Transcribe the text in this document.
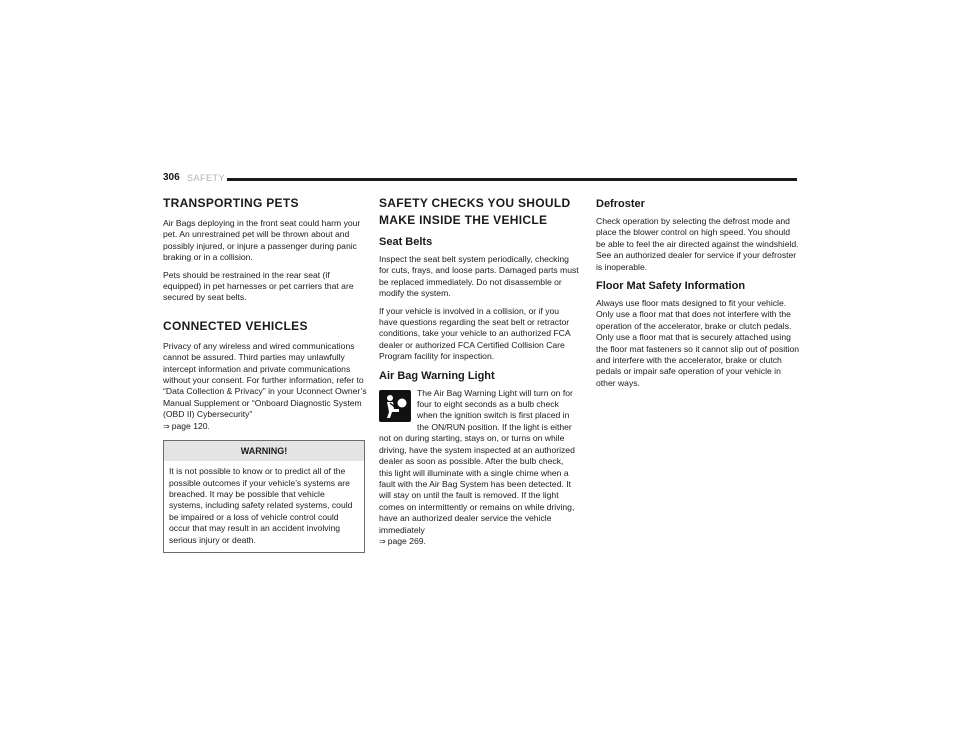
306 SAFETY
TRANSPORTING PETS

Air Bags deploying in the front seat could harm your pet. An unrestrained pet will be thrown about and possibly injured, or injure a passenger during panic braking or in a collision.

Pets should be restrained in the rear seat (if equipped) in pet harnesses or pet carriers that are secured by seat belts.

CONNECTED VEHICLES

Privacy of any wireless and wired communications cannot be assured. Third parties may unlawfully intercept information and private communications without your consent. For further information, refer to “Data Collection & Privacy” in your Uconnect Owner’s Manual Supplement or “Onboard Diagnostic System (OBD II) Cybersecurity”
⇒ page 120.

WARNING!
It is not possible to know or to predict all of the possible outcomes if your vehicle’s systems are breached. It may be possible that vehicle systems, including safety related systems, could be impaired or a loss of vehicle control could occur that may result in an accident involving serious injury or death.
SAFETY CHECKS YOU SHOULD MAKE INSIDE THE VEHICLE
Seat Belts

Inspect the seat belt system periodically, checking for cuts, frays, and loose parts. Damaged parts must be replaced immediately. Do not disassemble or modify the system.

If your vehicle is involved in a collision, or if you have questions regarding the seat belt or retractor conditions, take your vehicle to an authorized FCA dealer or authorized FCA Certified Collision Care Program facility for inspection.

Air Bag Warning Light

The Air Bag Warning Light will turn on for four to eight seconds as a bulb check when the ignition switch is first placed in the ON/RUN position. If the light is either not on during starting, stays on, or turns on while driving, have the system inspected at an authorized dealer as soon as possible. After the bulb check, this light will illuminate with a single chime when a fault with the Air Bag System has been detected. It will stay on until the fault is removed. If the light comes on intermittently or remains on while driving, have an authorized dealer service the vehicle immediately
⇒ page 269.

Defroster

Check operation by selecting the defrost mode and place the blower control on high speed. You should be able to feel the air directed against the windshield. See an authorized dealer for service if your defroster is inoperable.

Floor Mat Safety Information

Always use floor mats designed to fit your vehicle. Only use a floor mat that does not interfere with the operation of the accelerator, brake or clutch pedals. Only use a floor mat that is securely attached using the floor mat fasteners so it cannot slip out of position and interfere with the accelerator, brake or clutch pedals or impair safe operation of your vehicle in other ways.
